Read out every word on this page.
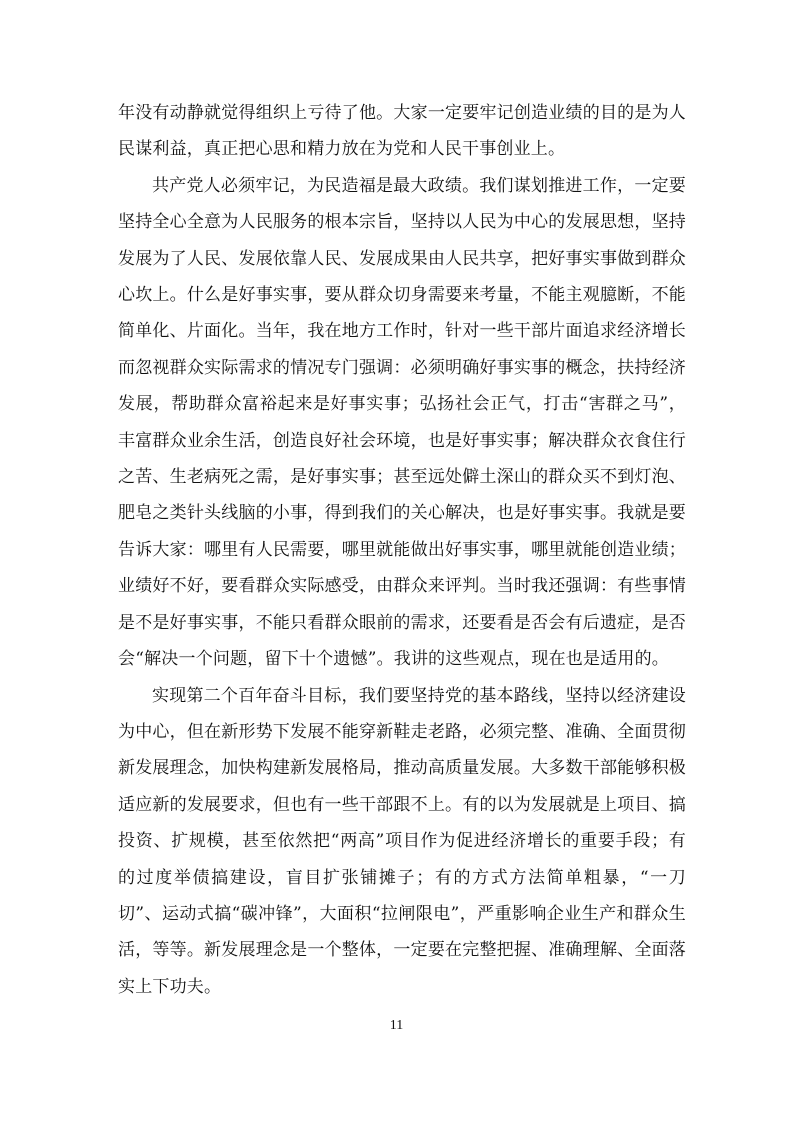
年没有动静就觉得组织上亏待了他。大家一定要牢记创造业绩的目的是为人民谋利益，真正把心思和精力放在为党和人民干事创业上。

共产党人必须牢记，为民造福是最大政绩。我们谋划推进工作，一定要坚持全心全意为人民服务的根本宗旨，坚持以人民为中心的发展思想，坚持发展为了人民、发展依靠人民、发展成果由人民共享，把好事实事做到群众心坎上。什么是好事实事，要从群众切身需要来考量，不能主观臆断，不能简单化、片面化。当年，我在地方工作时，针对一些干部片面追求经济增长而忽视群众实际需求的情况专门强调：必须明确好事实事的概念，扶持经济发展，帮助群众富裕起来是好事实事；弘扬社会正气，打击“害群之马”，丰富群众业余生活，创造良好社会环境，也是好事实事；解决群众衣食住行之苦、生老病死之需，是好事实事；甚至远处僻土深山的群众买不到灯泡、肥皂之类针头线脑的小事，得到我们的关心解决，也是好事实事。我就是要告诉大家：哪里有人民需要，哪里就能做出好事实事，哪里就能创造业绩；业绩好不好，要看群众实际感受，由群众来评判。当时我还强调：有些事情是不是好事实事，不能只看群众眼前的需求，还要看是否会有后遗症，是否会“解决一个问题，留下十个遗憾”。我讲的这些观点，现在也是适用的。

实现第二个百年奋斗目标，我们要坚持党的基本路线，坚持以经济建设为中心，但在新形势下发展不能穿新鞋走老路，必须完整、准确、全面贯彻新发展理念，加快构建新发展格局，推动高质量发展。大多数干部能够积极适应新的发展要求，但也有一些干部跟不上。有的以为发展就是上项目、搞投资、扩规模，甚至依然把“两高”项目作为促进经济增长的重要手段；有的过度举债搞建设，盲目扩张铺摊子；有的方式方法简单粗暴，“一刀切”、运动式搞“碳冲锋”，大面积“拉闸限电”，严重影响企业生产和群众生活，等等。新发展理念是一个整体，一定要在完整把握、准确理解、全面落实上下功夫。

11
